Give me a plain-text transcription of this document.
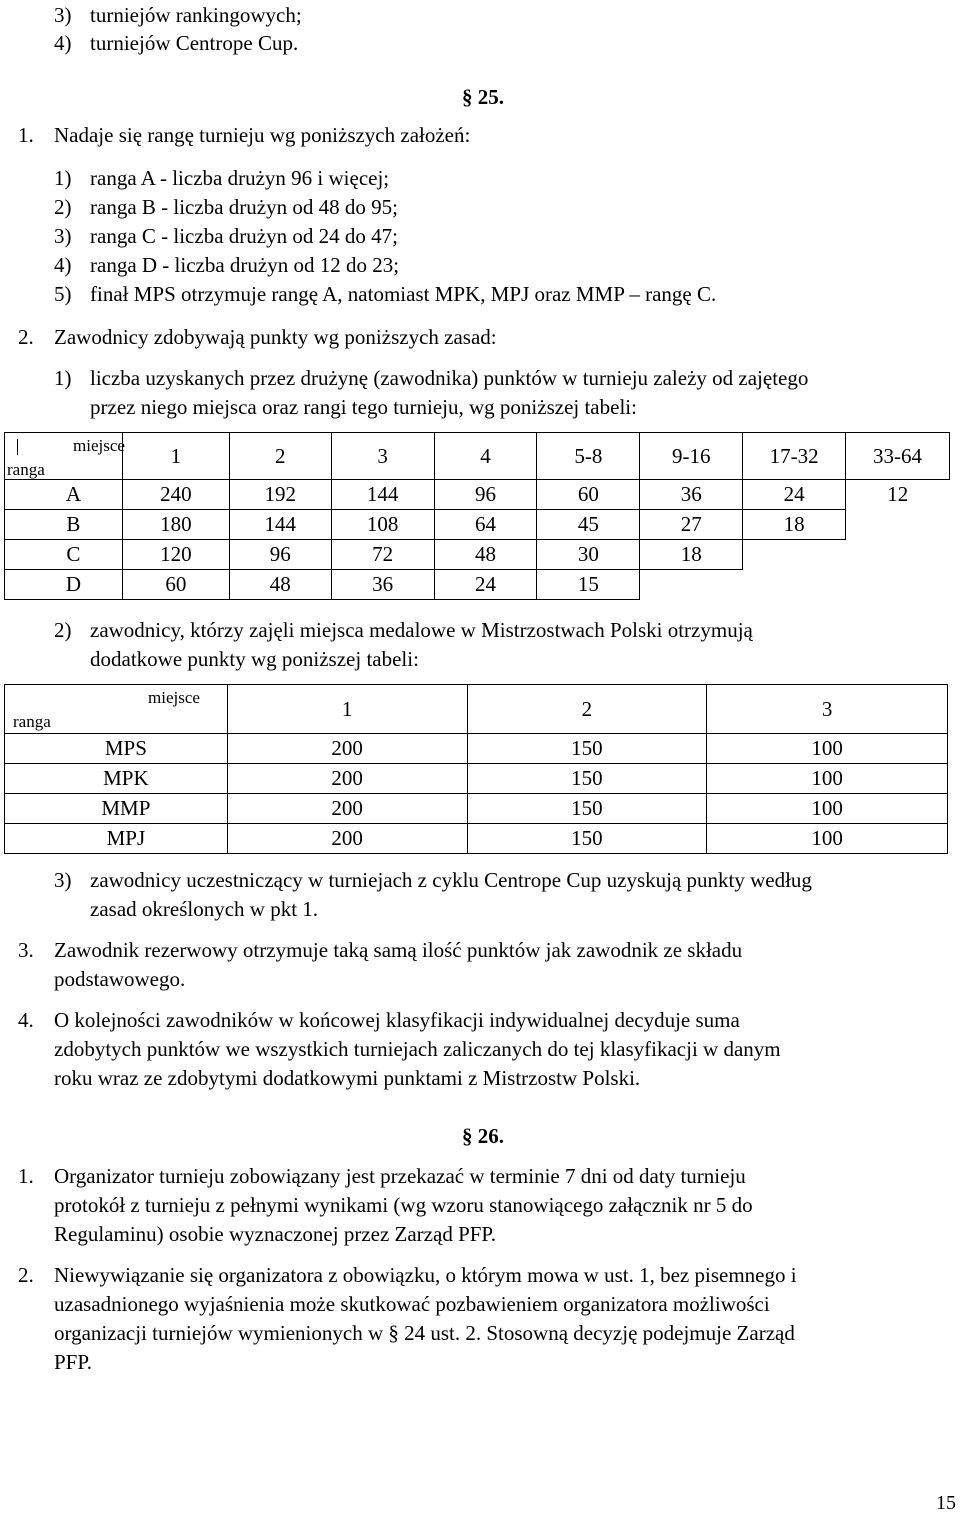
3) turniejów rankingowych;
4) turniejów Centrope Cup.
§ 25.
1. Nadaje się rangę turnieju wg poniższych założeń:
1) ranga A - liczba drużyn 96 i więcej;
2) ranga B - liczba drużyn od 48 do 95;
3) ranga C - liczba drużyn od 24 do 47;
4) ranga D - liczba drużyn od 12 do 23;
5) finał MPS otrzymuje rangę A, natomiast MPK, MPJ oraz MMP – rangę C.
2. Zawodnicy zdobywają punkty wg poniższych zasad:
1) liczba uzyskanych przez drużynę (zawodnika) punktów w turnieju zależy od zajętego
przez niego miejsca oraz rangi tego turnieju, wg poniższej tabeli:
miejsce
ranga	1	2	3	4	5-8	9-16	17-32	33-64
A	240	192	144	96	60	36	24	12
B	180	144	108	64	45	27	18	
C	120	96	72	48	30	18		
D	60	48	36	24	15			
2) zawodnicy, którzy zajęli miejsca medalowe w Mistrzostwach Polski otrzymują
dodatkowe punkty wg poniższej tabeli:
miejsce
ranga	1	2	3
MPS	200	150	100
MPK	200	150	100
MMP	200	150	100
MPJ	200	150	100
3) zawodnicy uczestniczący w turniejach z cyklu Centrope Cup uzyskują punkty według
zasad określonych w pkt 1.
3. Zawodnik rezerwowy otrzymuje taką samą ilość punktów jak zawodnik ze składu
podstawowego.
4. O kolejności zawodników w końcowej klasyfikacji indywidualnej decyduje suma
zdobytych punktów we wszystkich turniejach zaliczanych do tej klasyfikacji w danym
roku wraz ze zdobytymi dodatkowymi punktami z Mistrzostw Polski.
§ 26.
1. Organizator turnieju zobowiązany jest przekazać w terminie 7 dni od daty turnieju
protokół z turnieju z pełnymi wynikami (wg wzoru stanowiącego załącznik nr 5 do
Regulaminu) osobie wyznaczonej przez Zarząd PFP.
2. Niewywiązanie się organizatora z obowiązku, o którym mowa w ust. 1, bez pisemnego i
uzasadnionego wyjaśnienia może skutkować pozbawieniem organizatora możliwości
organizacji turniejów wymienionych w § 24 ust. 2. Stosowną decyzję podejmuje Zarząd
PFP.
15
